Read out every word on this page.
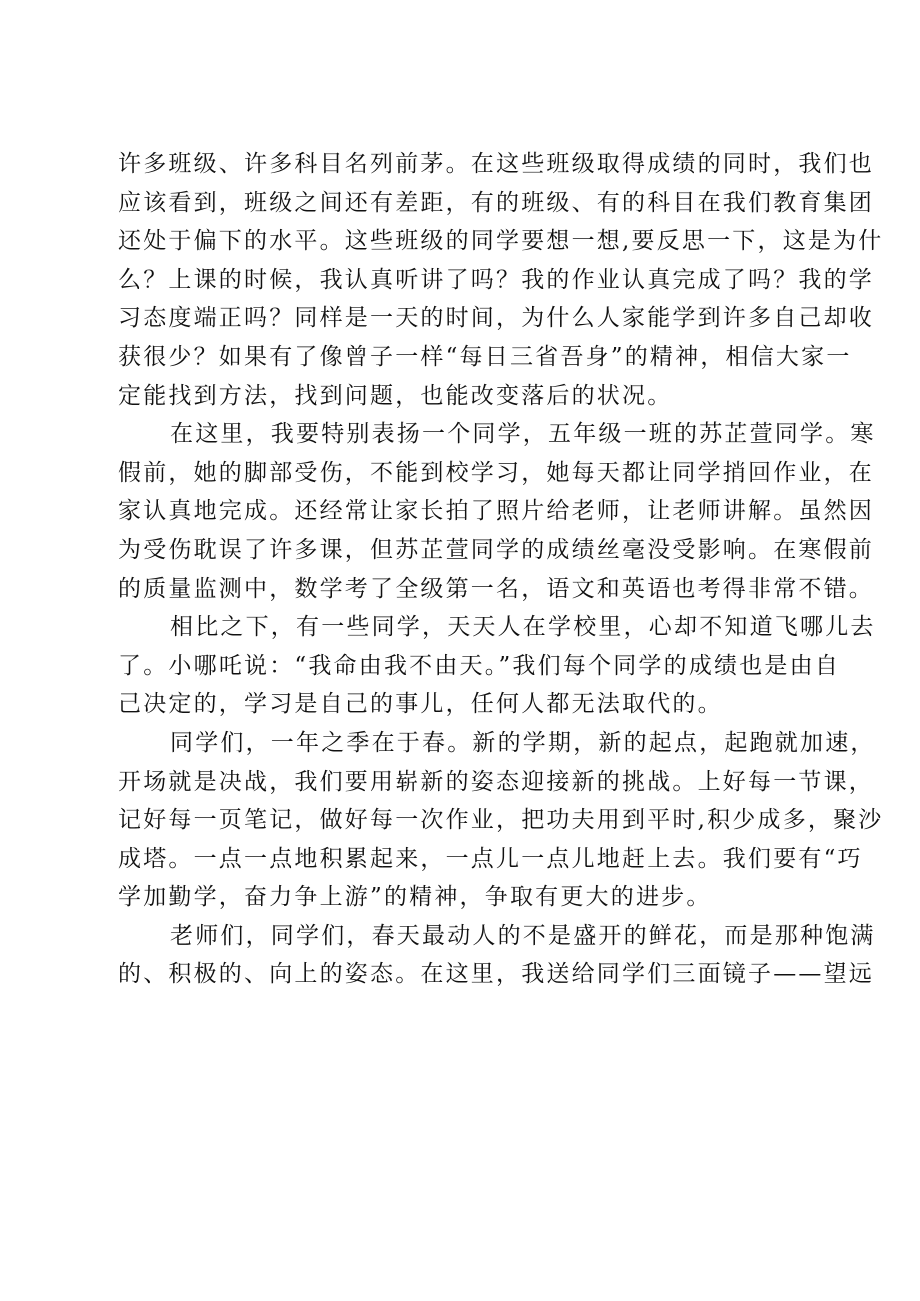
许多班级、许多科目名列前茅。在这些班级取得成绩的同时，我们也
应该看到，班级之间还有差距，有的班级、有的科目在我们教育集团
还处于偏下的水平。这些班级的同学要想一想,要反思一下，这是为什
么？上课的时候，我认真听讲了吗？我的作业认真完成了吗？我的学
习态度端正吗？同样是一天的时间，为什么人家能学到许多自己却收
获很少？如果有了像曾子一样“每日三省吾身”的精神，相信大家一
定能找到方法，找到问题，也能改变落后的状况。

在这里，我要特别表扬一个同学，五年级一班的苏芷萱同学。寒
假前，她的脚部受伤，不能到校学习，她每天都让同学捎回作业，在
家认真地完成。还经常让家长拍了照片给老师，让老师讲解。虽然因
为受伤耽误了许多课，但苏芷萱同学的成绩丝毫没受影响。在寒假前
的质量监测中，数学考了全级第一名，语文和英语也考得非常不错。

相比之下，有一些同学，天天人在学校里，心却不知道飞哪儿去
了。小哪吒说：“我命由我不由天。”我们每个同学的成绩也是由自
己决定的，学习是自己的事儿，任何人都无法取代的。

同学们，一年之季在于春。新的学期，新的起点，起跑就加速，
开场就是决战，我们要用崭新的姿态迎接新的挑战。上好每一节课，
记好每一页笔记，做好每一次作业，把功夫用到平时,积少成多，聚沙
成塔。一点一点地积累起来，一点儿一点儿地赶上去。我们要有“巧
学加勤学，奋力争上游”的精神，争取有更大的进步。

老师们，同学们，春天最动人的不是盛开的鲜花，而是那种饱满
的、积极的、向上的姿态。在这里，我送给同学们三面镜子——望远
